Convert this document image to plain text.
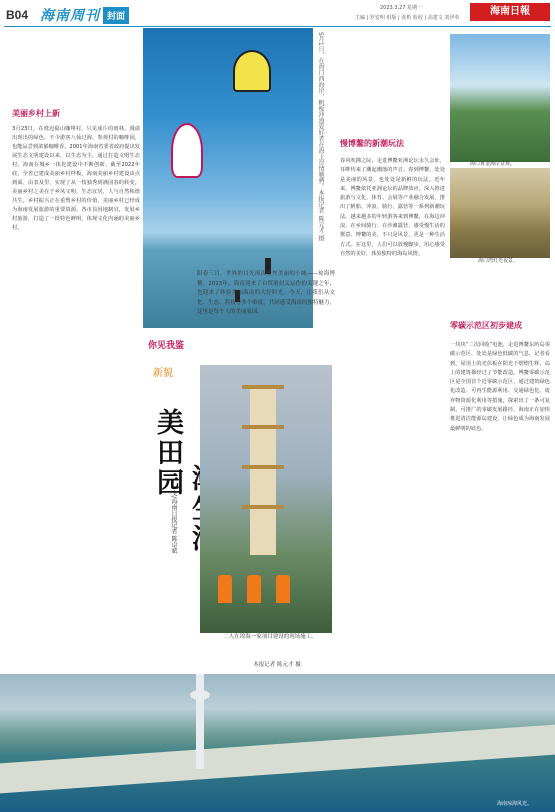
B04 海南周刊 封面
2023.3.27 星期一
主编 | 罗安明 组版 | 张析 检校 | 高建文 刘伊英
海南日報
5月1日，在海口西海岸，帆板冲浪爱好者在海上尽情驰骋。本报记者 陈元才 摄
美丽乡村上新
3月23日，在澄迈福山咖啡村，只见成片的雨林，漫溢出现出的绿色，不少游客八仙过海，参观村的咖啡园，也能品尝到浓郁咖啡香。2001年海南省委省政府提出发展生态文明建设以来，以生态为主，通过打造文明生态村，海南在城乡一体化建设中不断创新。截至2022年底，全省已建成美丽乡村样板，海南美丽乡村建设由点到面、由表及里，实现了从一枝独秀到满园春的转变。美丽乡村之美在于乡风文明、生态宜居，人与自然和谐共生。乡村振兴正在重塑乡村的价值，美丽乡村已经成为海南发展旅游的重要资源。各市县因地制宜，发展乡村旅游，打造了一批特色鲜明、体现文化内涵的美丽乡村。
阳春三月，世界的目光再次聚焦美丽的小城——琼海博鳌。2023年，海南迎来了自贸港封关运作的关键之年，也迎来了体验美丽海南的大好时光。今天，让我们从文化、生态、科技等多个维度，共同感受海南的独特魅力，这里是每个人的美丽家园。
你见我鉴
新貌
美田园
文/海南日报记者 陈卓斌

二人在琼海一家项目建设的现场施工。
本报记者 陈元才 摄
慢博鳌的新潮玩法
春风吹拂之际，走进博鳌亚洲论坛永久会址，耳畔传来了潮起潮落的声音。春到博鳌，处处是美丽的风景，也处处是新鲜的玩法。近年来，博鳌依托亚洲论坛的品牌效应，深入推进旅游与文化、体育、会展等产业融合发展，推出了帆船、冲浪、骑行、露营等一系列新潮玩法。越来越多的年轻游客来到博鳌，在海边冲浪、在乡间骑行、在沙滩露营，感受慢生活的惬意。博鳌的美，不只是风景，更是一种生活方式。在这里，人们可以放慢脚步，用心感受自然的美好，体验独特的海岛风情。
海口黄金海岸景观。
海口湾灯光夜景。
零碳示范区初步建成
一块块“二次回收”电池，走进博鳌东屿岛零碳示范区，处处是绿色低碳的气息。记者看到，屋顶上的光伏板在阳光下熠熠生辉，岛上的建筑都经过了节能改造。博鳌零碳示范区是全国首个近零碳示范区，通过建筑绿色化改造、可再生能源利用、交通绿色化、废弃物资源化利用等措施，探索出了一条可复制、可推广的零碳发展路径。海南正在加快推进清洁能源岛建设，让绿色成为海南发展最鲜明的底色。
海南琼海风光。
